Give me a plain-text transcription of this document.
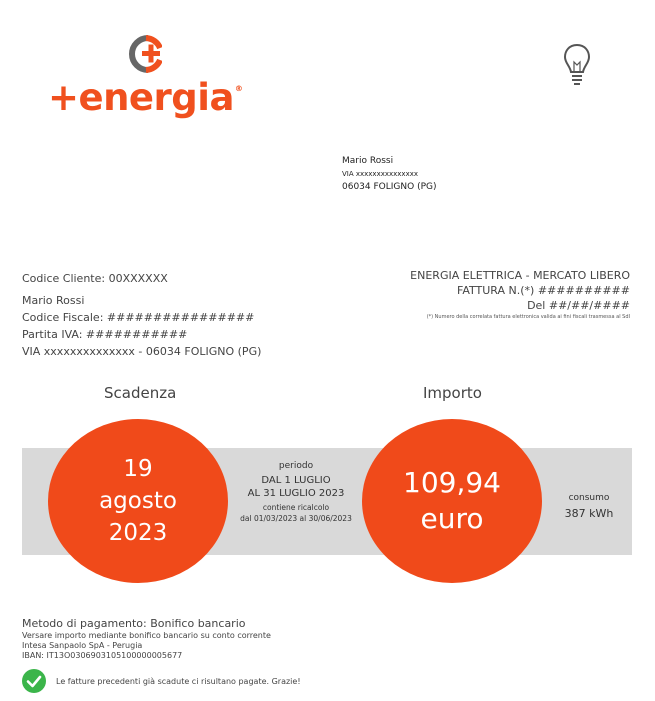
+energia®
Mario Rossi
VIA xxxxxxxxxxxxxxx
06034 FOLIGNO (PG)
Codice Cliente: 00XXXXXX
Mario Rossi
Codice Fiscale: ################
Partita IVA: ###########
VIA xxxxxxxxxxxxxx - 06034 FOLIGNO (PG)
ENERGIA ELETTRICA - MERCATO LIBERO
FATTURA N.(*) ##########
Del ##/##/####
(*) Numero della correlata fattura elettronica valida ai fini fiscali trasmessa al SdI
Scadenza	Importo
19
agosto
2023
periodo
DAL 1 LUGLIO
AL 31 LUGLIO 2023
contiene ricalcolo
dal 01/03/2023 al 30/06/2023
109,94
euro
consumo
387 kWh
Metodo di pagamento: Bonifico bancario
Versare importo mediante bonifico bancario su conto corrente
Intesa Sanpaolo SpA - Perugia
IBAN: IT13O0306903105100000005677
Le fatture precedenti già scadute ci risultano pagate. Grazie!
